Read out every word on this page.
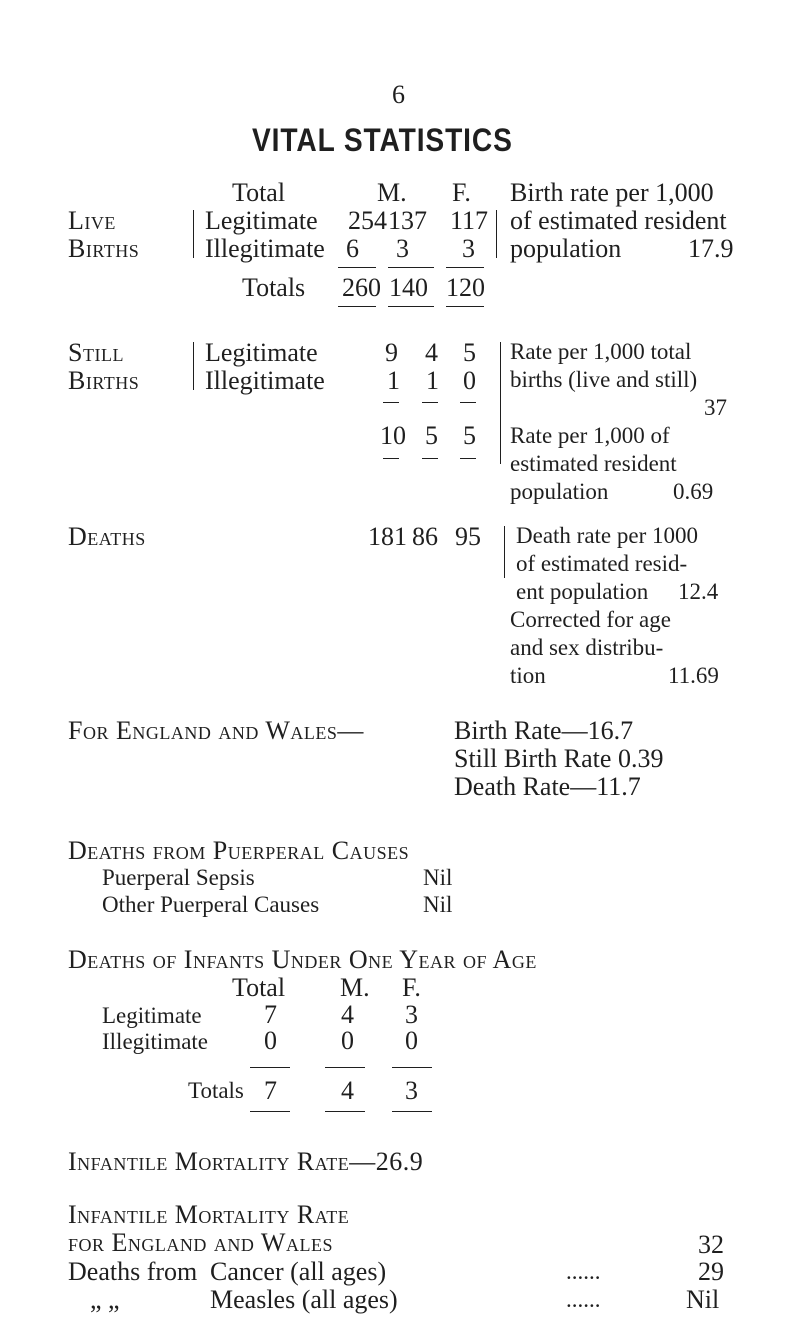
6
VITAL STATISTICS
Total	M. F. Birth rate per 1,000
Live
Births
Legitimate 254 137 117
Illegitimate 6 3 3
of estimated resident
population	17.9
Totals 260 140 120
Still
Births
Legitimate	9 4 5
Illegitimate 1 1 0
10 5 5
Rate per 1,000 total
births (live and still)
37
Rate per 1,000 of
estimated resident
population	0.69
Deaths	181 86 95 Death rate per 1000
of estimated resid-
ent population 12.4
Corrected for age
and sex distribu-
tion	11.69
For England and Wales—	Birth Rate—16.7
Still Birth Rate 0.39
Death Rate—11.7
Deaths from Puerperal Causes
Puerperal Sepsis	Nil
Other Puerperal Causes	Nil
Deaths of Infants Under One Year of Age
Total M. F.
Legitimate 7 4 3
Illegitimate 0 0 0
Totals 7 4 3
Infantile Mortality Rate—26.9
Infantile Mortality Rate
for England and Wales	32
Deaths from Cancer (all ages)	......	29
„ „	Measles (all ages)	......	Nil
